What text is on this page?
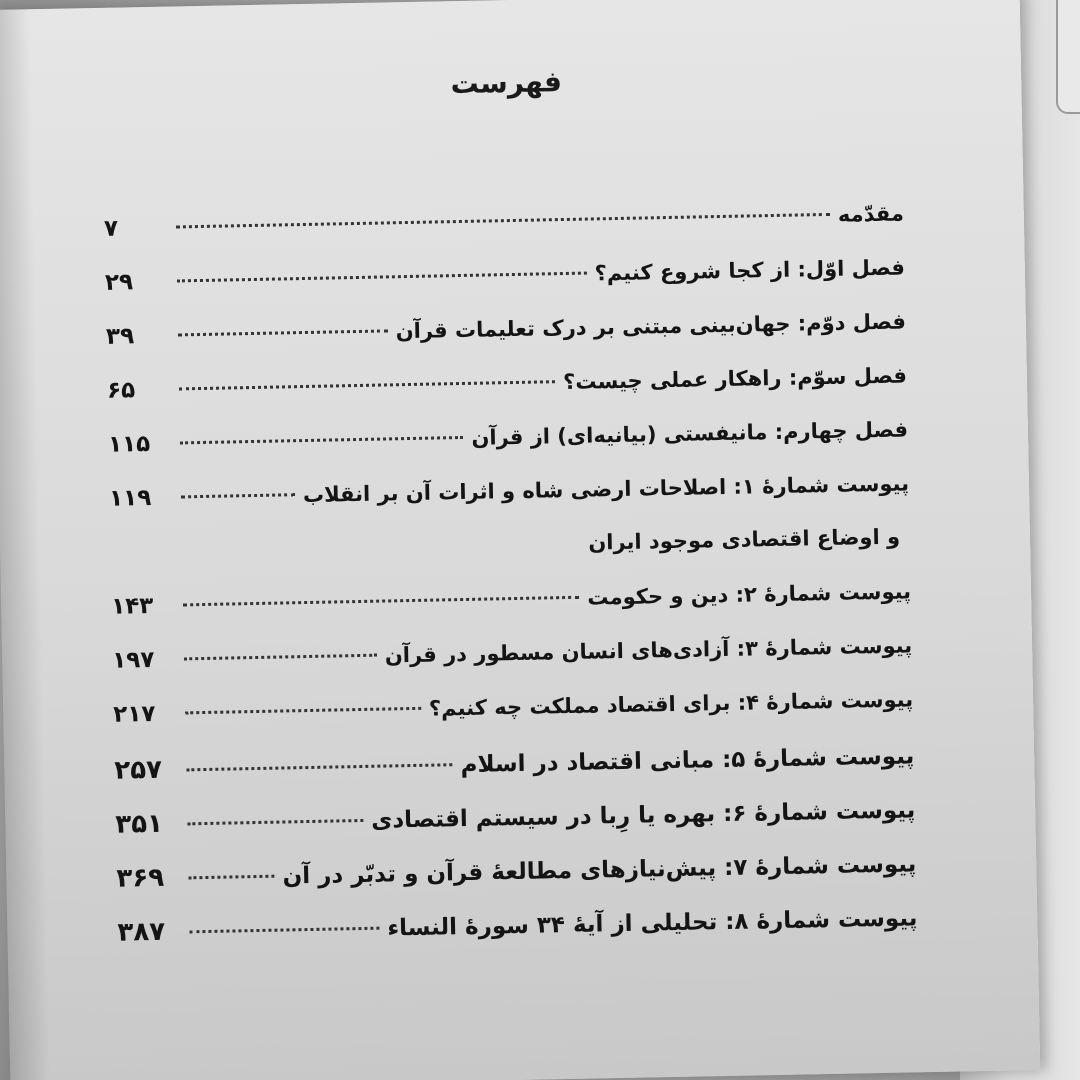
فهرست
مقدّمه
۷
فصل اوّل: از کجا شروع کنیم؟
۲۹
فصل دوّم: جهان‌بینی مبتنی بر درک تعلیمات قرآن
۳۹
فصل سوّم: راهکار عملی چیست؟
۶۵
فصل چهارم: مانیفستی (بیانیه‌ای) از قرآن
۱۱۵
پیوست شمارهٔ ۱: اصلاحات ارضی شاه و اثرات آن بر انقلاب
۱۱۹
و اوضاع اقتصادی موجود ایران
پیوست شمارهٔ ۲: دین و حکومت
۱۴۳
پیوست شمارهٔ ۳: آزادی‌های انسان مسطور در قرآن
۱۹۷
پیوست شمارهٔ ۴: برای اقتصاد مملکت چه کنیم؟
۲۱۷
پیوست شمارهٔ ۵: مبانی اقتصاد در اسلام
۲۵۷
پیوست شمارهٔ ۶: بهره یا رِبا در سیستم اقتصادی
۳۵۱
پیوست شمارهٔ ۷: پیش‌نیازهای مطالعهٔ قرآن و تدبّر در آن
۳۶۹
پیوست شمارهٔ ۸: تحلیلی از آیهٔ ۳۴ سورهٔ النساء
۳۸۷
